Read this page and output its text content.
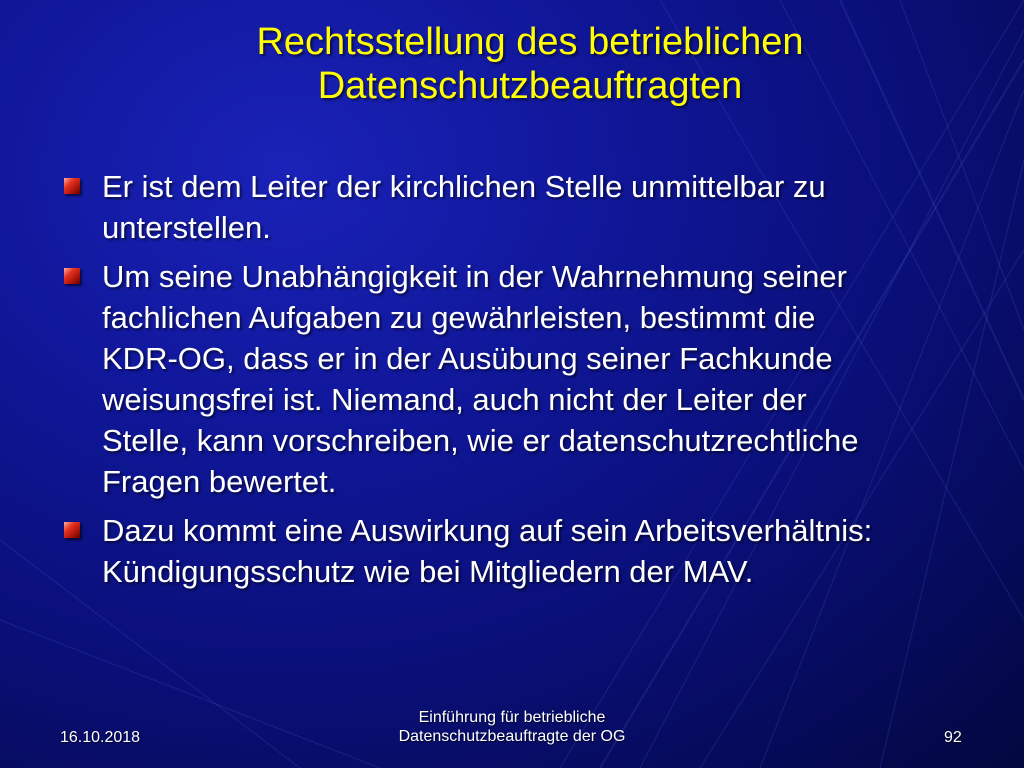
Rechtsstellung des betrieblichen
Datenschutzbeauftragten
Er ist dem Leiter der kirchlichen Stelle unmittelbar zu
unterstellen.
Um seine Unabhängigkeit in der Wahrnehmung seiner
fachlichen Aufgaben zu gewährleisten, bestimmt die
KDR-OG, dass er in der Ausübung seiner Fachkunde
weisungsfrei ist. Niemand, auch nicht der Leiter der
Stelle, kann vorschreiben, wie er datenschutzrechtliche
Fragen bewertet.
Dazu kommt eine Auswirkung auf sein Arbeitsverhältnis:
Kündigungsschutz wie bei Mitgliedern der MAV.
16.10.2018
Einführung für betriebliche
Datenschutzbeauftragte der OG	92
